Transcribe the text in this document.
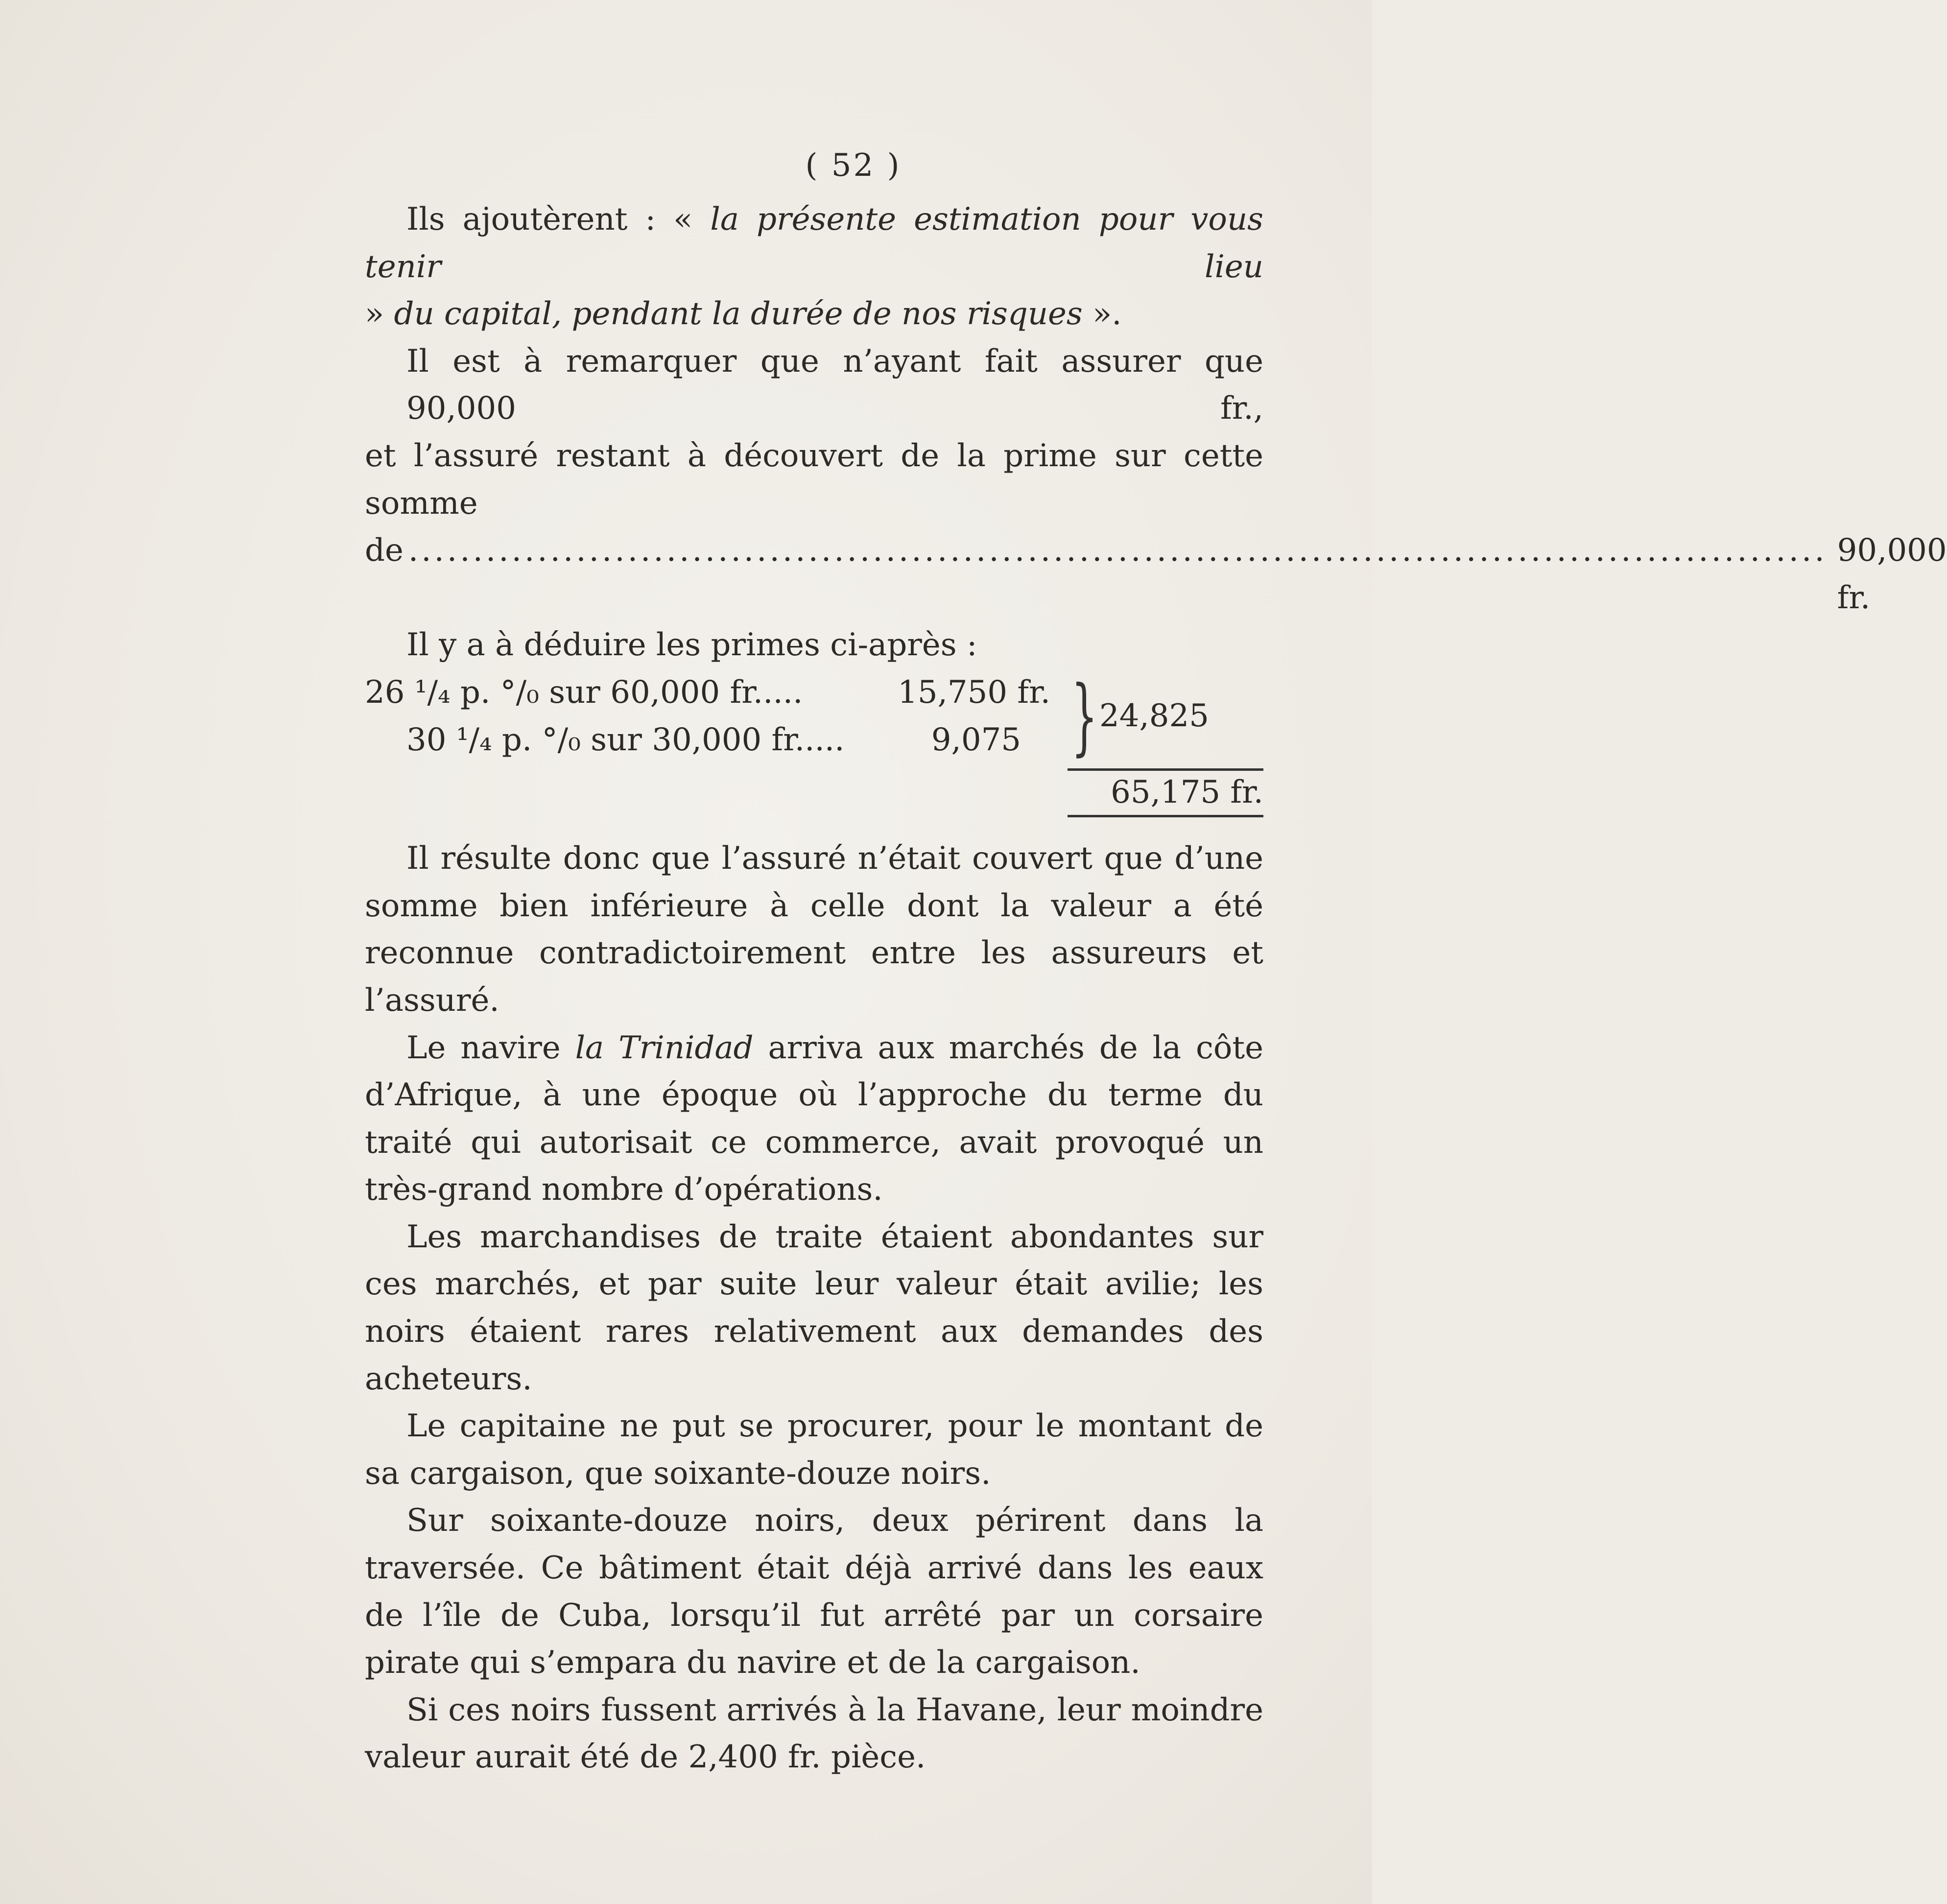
( 52 )

Ils ajoutèrent : « la présente estimation pour vous tenir lieu
» du capital, pendant la durée de nos risques ».

Il est à remarquer que n’ayant fait assurer que 90,000 fr.,
et l’assuré restant à découvert de la prime sur cette somme
de .............................................................................................................. 90,000 fr.

Il y a à déduire les primes ci-après :

26 ¹/₄ p. °/₀ sur 60,000 fr.....	15,750 fr.
30 ¹/₄ p. °/₀ sur 30,000 fr.....	9,075 } 24,825
65,175 fr.

Il résulte donc que l’assuré n’était couvert que d’une somme bien inférieure à celle dont la valeur a été reconnue contradictoirement entre les assureurs et l’assuré.

Le navire la Trinidad arriva aux marchés de la côte d’Afrique, à une époque où l’approche du terme du traité qui autorisait ce commerce, avait provoqué un très-grand nombre d’opérations.

Les marchandises de traite étaient abondantes sur ces marchés, et par suite leur valeur était avilie; les noirs étaient rares relativement aux demandes des acheteurs.

Le capitaine ne put se procurer, pour le montant de sa cargaison, que soixante-douze noirs.

Sur soixante-douze noirs, deux périrent dans la traversée. Ce bâtiment était déjà arrivé dans les eaux de l’île de Cuba, lorsqu’il fut arrêté par un corsaire pirate qui s’empara du navire et de la cargaison.

Si ces noirs fussent arrivés à la Havane, leur moindre valeur aurait été de 2,400 fr. pièce.
